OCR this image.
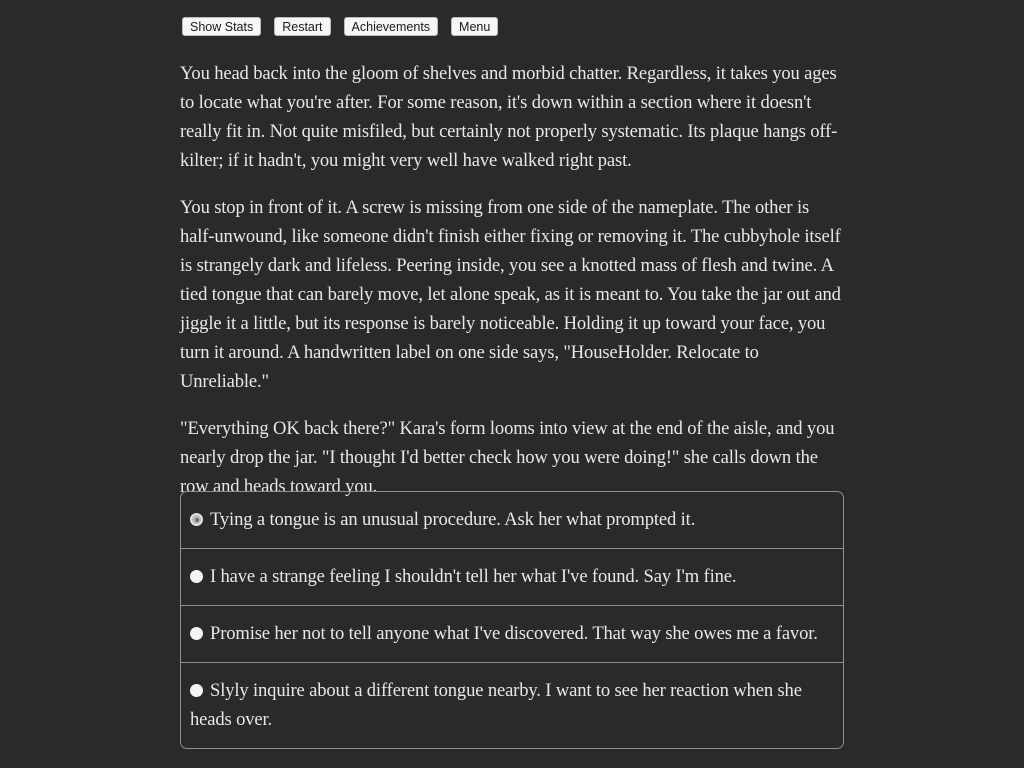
Show Stats	Restart	Achievements	Menu

You head back into the gloom of shelves and morbid chatter. Regardless, it takes you ages to locate what you're after. For some reason, it's down within a section where it doesn't really fit in. Not quite misfiled, but certainly not properly systematic. Its plaque hangs off-kilter; if it hadn't, you might very well have walked right past.

You stop in front of it. A screw is missing from one side of the nameplate. The other is half-unwound, like someone didn't finish either fixing or removing it. The cubbyhole itself is strangely dark and lifeless. Peering inside, you see a knotted mass of flesh and twine. A tied tongue that can barely move, let alone speak, as it is meant to. You take the jar out and jiggle it a little, but its response is barely noticeable. Holding it up toward your face, you turn it around. A handwritten label on one side says, "HouseHolder. Relocate to Unreliable."

"Everything OK back there?" Kara's form looms into view at the end of the aisle, and you nearly drop the jar. "I thought I'd better check how you were doing!" she calls down the row and heads toward you.

Tying a tongue is an unusual procedure. Ask her what prompted it.
I have a strange feeling I shouldn't tell her what I've found. Say I'm fine.
Promise her not to tell anyone what I've discovered. That way she owes me a favor.
Slyly inquire about a different tongue nearby. I want to see her reaction when she heads over.
